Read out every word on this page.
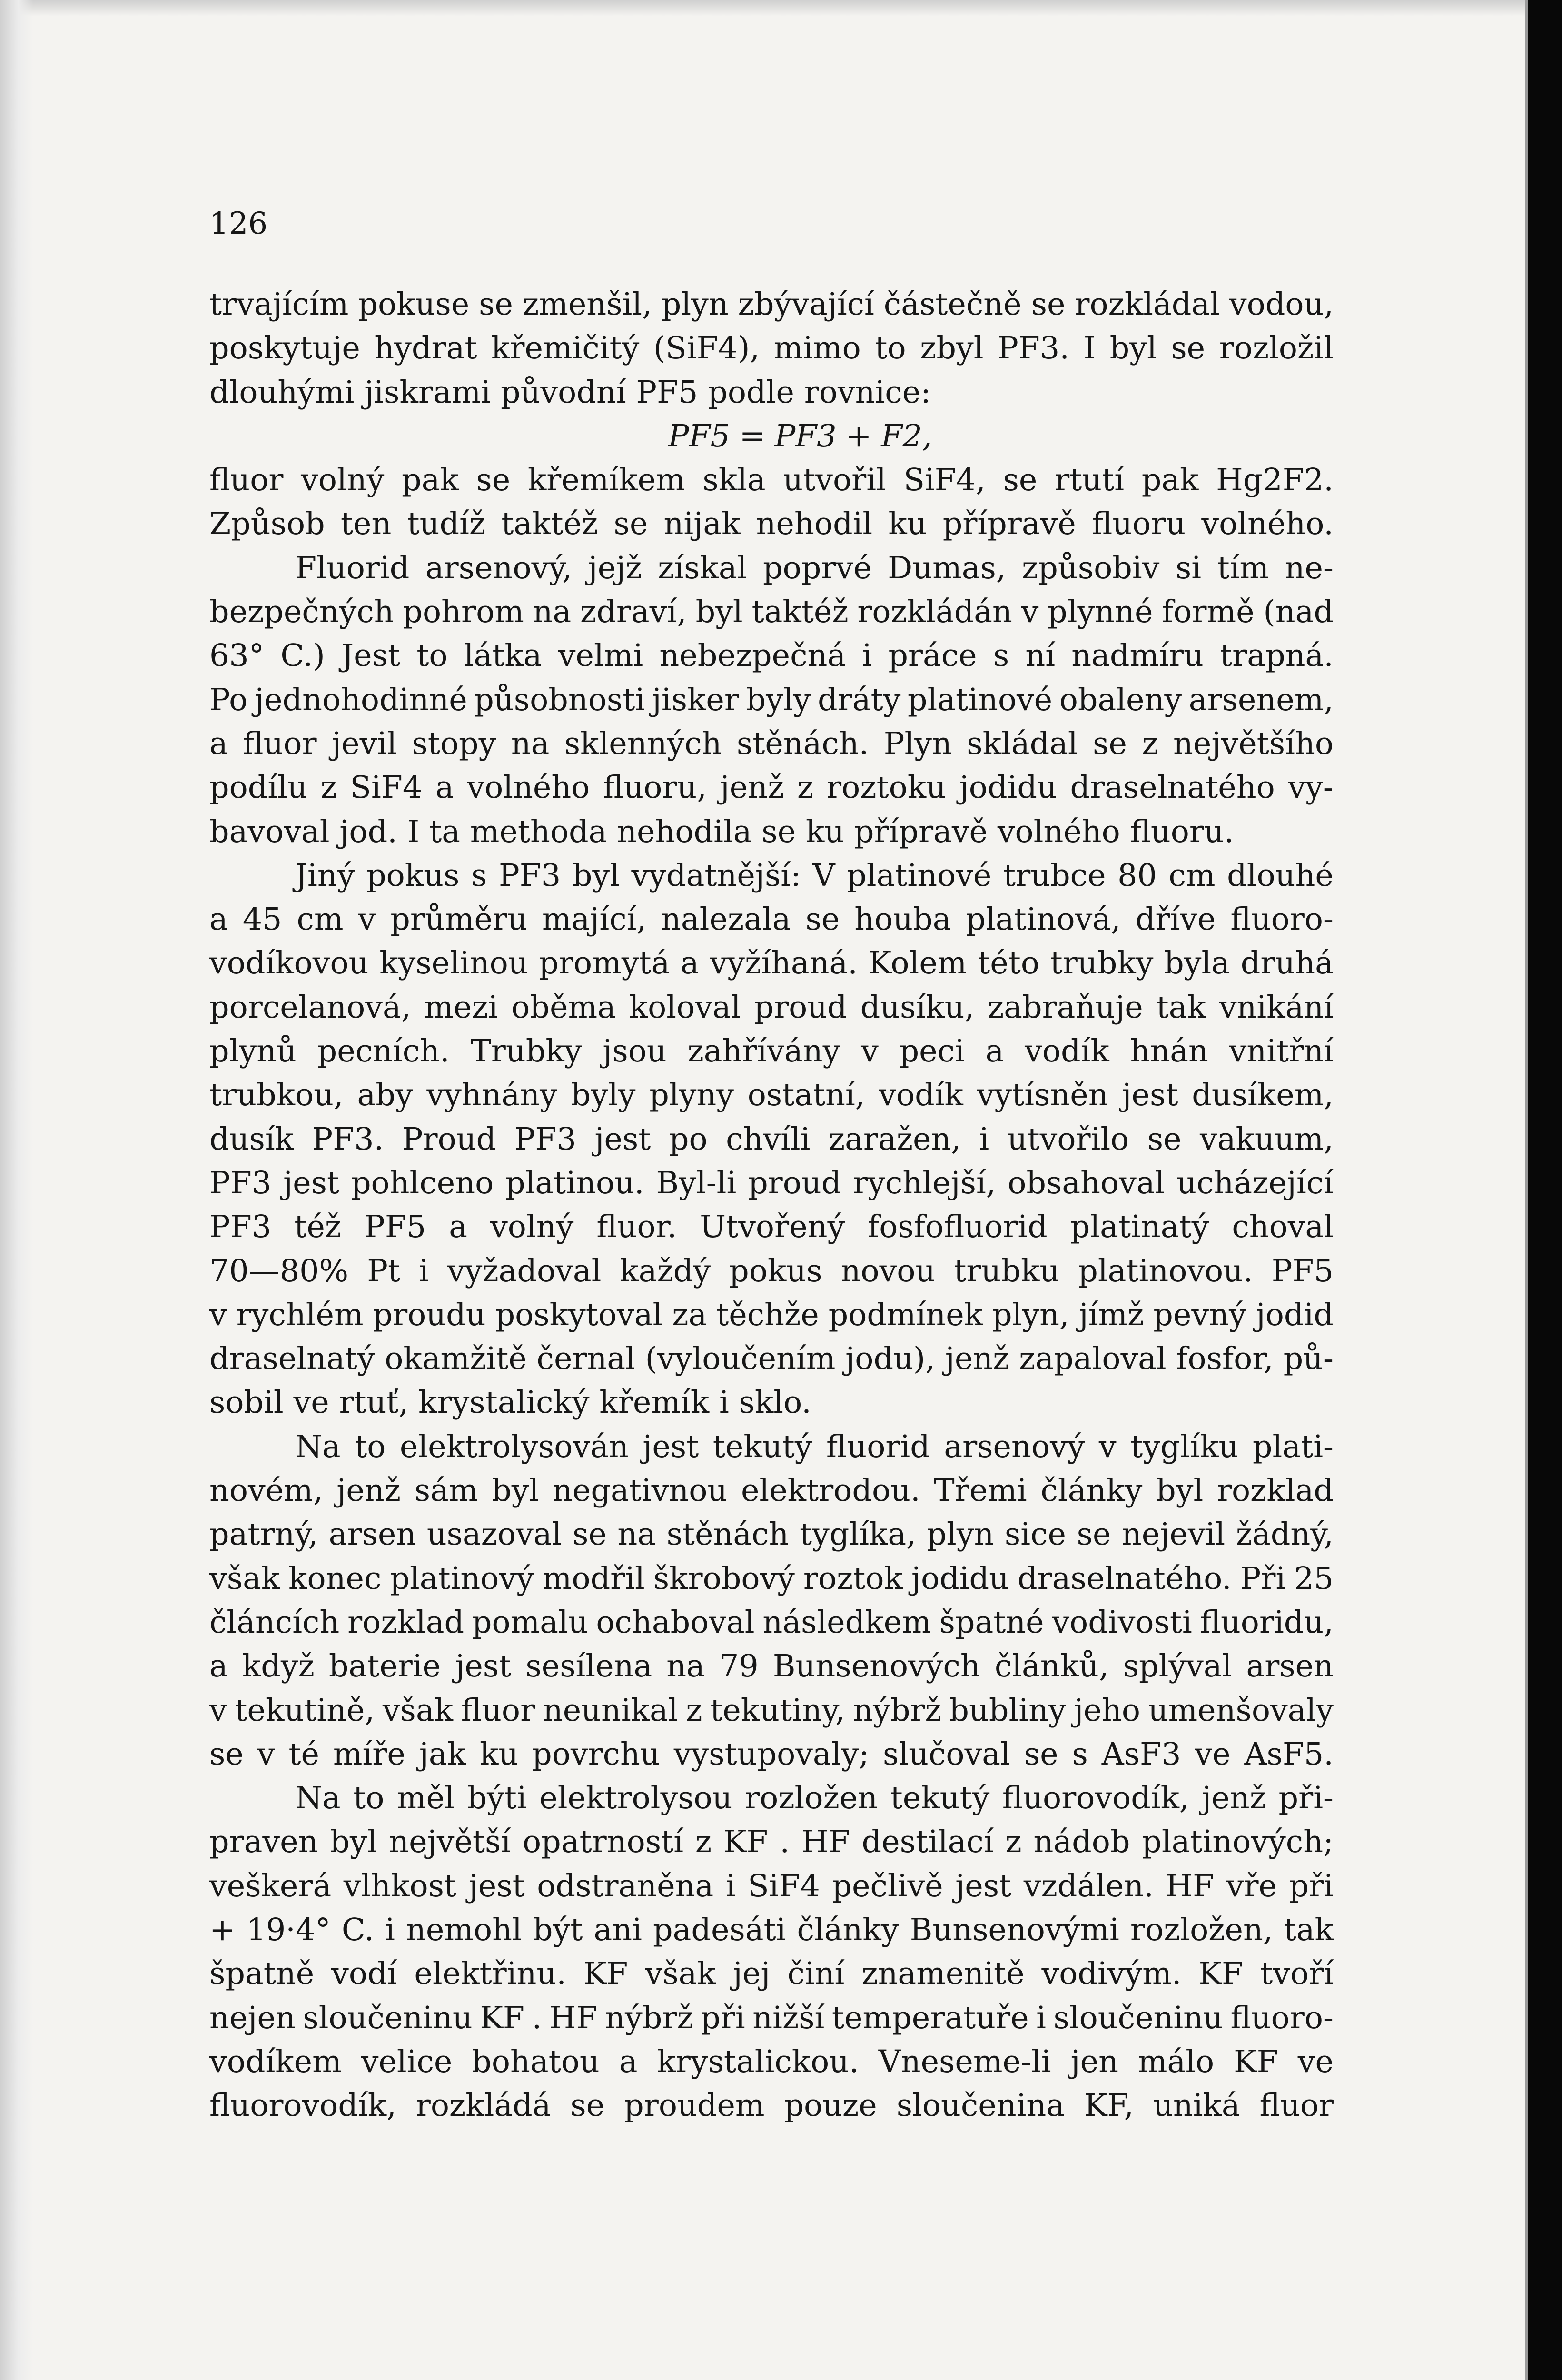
126
trvajícím pokuse se zmenšil, plyn zbývající částečně se rozkládal vodou,
poskytuje hydrat křemičitý (SiF4), mimo to zbyl PF3. I byl se rozložil
dlouhými jiskrami původní PF5 podle rovnice:
PF5 = PF3 + F2,
fluor volný pak se křemíkem skla utvořil SiF4, se rtutí pak Hg2F2.
Způsob ten tudíž taktéž se nijak nehodil ku přípravě fluoru volného.
Fluorid arsenový, jejž získal poprvé Dumas, způsobiv si tím ne-
bezpečných pohrom na zdraví, byl taktéž rozkládán v plynné formě (nad
63° C.) Jest to látka velmi nebezpečná i práce s ní nadmíru trapná.
Po jednohodinné působnosti jisker byly dráty platinové obaleny arsenem,
a fluor jevil stopy na sklenných stěnách. Plyn skládal se z největšího
podílu z SiF4 a volného fluoru, jenž z roztoku jodidu draselnatého vy-
bavoval jod. I ta methoda nehodila se ku přípravě volného fluoru.
Jiný pokus s PF3 byl vydatnější: V platinové trubce 80 cm dlouhé
a 45 cm v průměru mající, nalezala se houba platinová, dříve fluoro-
vodíkovou kyselinou promytá a vyžíhaná. Kolem této trubky byla druhá
porcelanová, mezi oběma koloval proud dusíku, zabraňuje tak vnikání
plynů pecních. Trubky jsou zahřívány v peci a vodík hnán vnitřní
trubkou, aby vyhnány byly plyny ostatní, vodík vytísněn jest dusíkem,
dusík PF3. Proud PF3 jest po chvíli zaražen, i utvořilo se vakuum,
PF3 jest pohlceno platinou. Byl-li proud rychlejší, obsahoval ucházející
PF3 též PF5 a volný fluor. Utvořený fosfofluorid platinatý choval
70—80% Pt i vyžadoval každý pokus novou trubku platinovou. PF5
v rychlém proudu poskytoval za těchže podmínek plyn, jímž pevný jodid
draselnatý okamžitě černal (vyloučením jodu), jenž zapaloval fosfor, pů-
sobil ve rtuť, krystalický křemík i sklo.
Na to elektrolysován jest tekutý fluorid arsenový v tyglíku plati-
novém, jenž sám byl negativnou elektrodou. Třemi články byl rozklad
patrný, arsen usazoval se na stěnách tyglíka, plyn sice se nejevil žádný,
však konec platinový modřil škrobový roztok jodidu draselnatého. Při 25
článcích rozklad pomalu ochaboval následkem špatné vodivosti fluoridu,
a když baterie jest sesílena na 79 Bunsenových článků, splýval arsen
v tekutině, však fluor neunikal z tekutiny, nýbrž bubliny jeho umenšovaly
se v té míře jak ku povrchu vystupovaly; slučoval se s AsF3 ve AsF5.
Na to měl býti elektrolysou rozložen tekutý fluorovodík, jenž při-
praven byl největší opatrností z KF . HF destilací z nádob platinových;
veškerá vlhkost jest odstraněna i SiF4 pečlivě jest vzdálen. HF vře při
+ 19·4° C. i nemohl být ani padesáti články Bunsenovými rozložen, tak
špatně vodí elektřinu. KF však jej činí znamenitě vodivým. KF tvoří
nejen sloučeninu KF . HF nýbrž při nižší temperatuře i sloučeninu fluoro-
vodíkem velice bohatou a krystalickou. Vneseme-li jen málo KF ve
fluorovodík, rozkládá se proudem pouze sloučenina KF, uniká fluor
